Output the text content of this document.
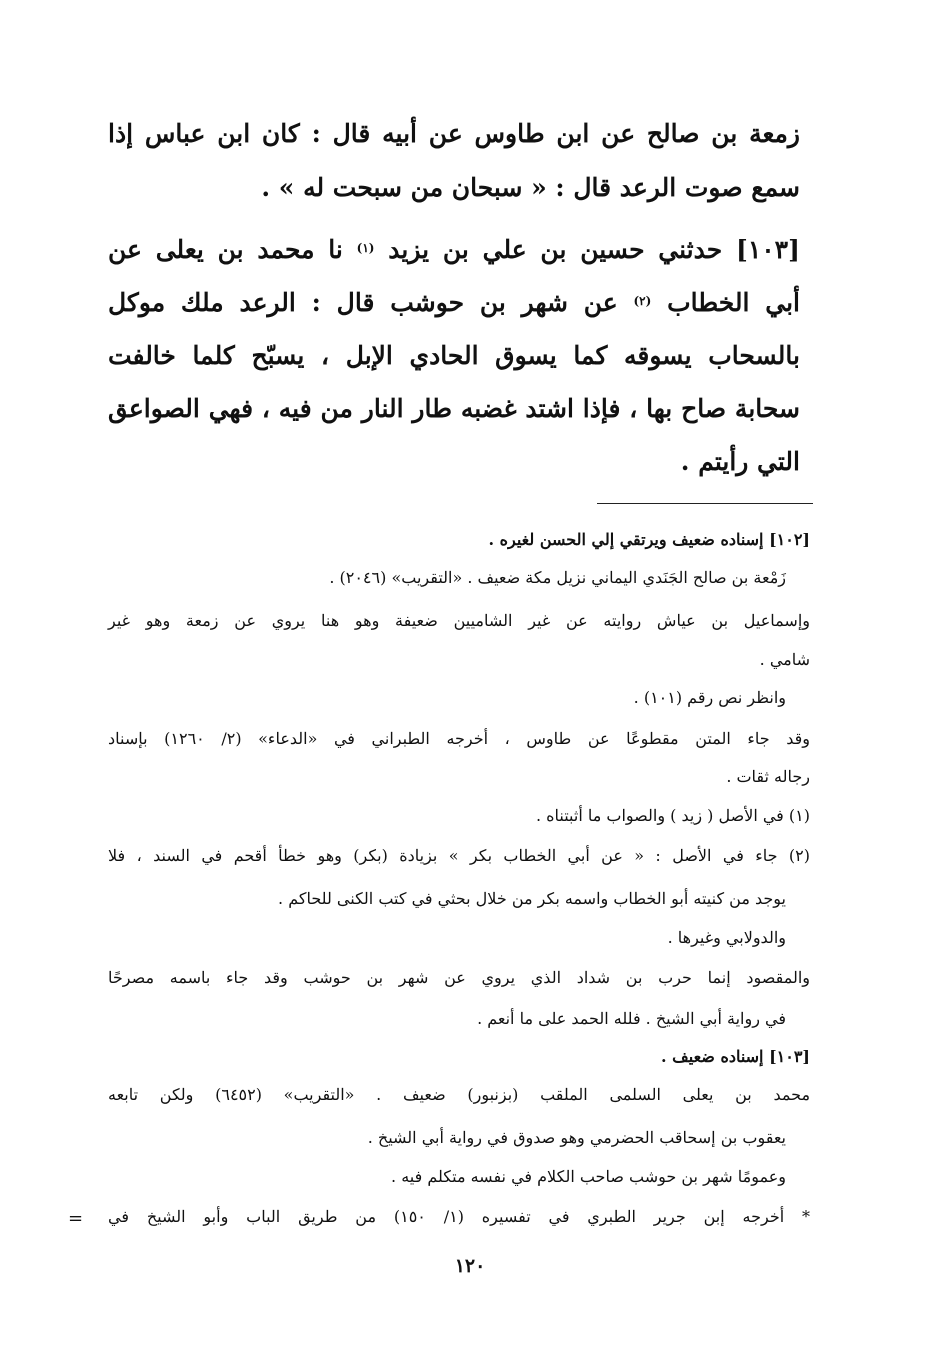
زمعة بن صالح عن ابن طاوس عن أبيه قال : كان ابن عباس إذا
سمع صوت الرعد قال : « سبحان من سبحت له » .
[١٠٣] حدثني حسين بن علي بن يزيد $^{(١)}$ نا محمد بن يعلى عن
أبي الخطاب $^{(٢)}$ عن شهر بن حوشب قال : الرعد ملك موكل
بالسحاب يسوقه كما يسوق الحادي الإبل ، يسبّح كلما خالفت
سحابة صاح بها ، فإذا اشتد غضبه طار النار من فيه ، فهي الصواعق
التي رأيتم .
[١٠٢] إسناده ضعيف ويرتقي إلي الحسن لغيره .
زَمْعة بن صالح الجَنَدي اليماني نزيل مكة ضعيف . «التقريب» (٢٠٤٦) .
وإسماعيل بن عياش روايته عن غير الشاميين ضعيفة وهو هنا يروي عن زمعة وهو غير
شامي .
وانظر نص رقم (١٠١) .
وقد جاء المتن مقطوعًا عن طاوس ، أخرجه الطبراني في «الدعاء» (٢/ ١٢٦٠) بإسناد
رجاله ثقات .
(١) في الأصل ( زيد ) والصواب ما أثبتناه .
(٢) جاء في الأصل : « عن أبي الخطاب بكر » بزيادة (بكر) وهو خطأ أقحم في السند ، فلا
يوجد من كنيته أبو الخطاب واسمه بكر من خلال بحثي في كتب الكنى للحاكم .
والدولابي وغيرها .
والمقصود إنما حرب بن شداد الذي يروي عن شهر بن حوشب وقد جاء باسمه مصرحًا
في رواية أبي الشيخ . فلله الحمد على ما أنعم .
[١٠٣] إسناده ضعيف .
محمد بن يعلى السلمى الملقب (بزنبور) ضعيف . «التقريب» (٦٤٥٢) ولكن تابعه
يعقوب بن إسحاقب الحضرمي وهو صدوق في رواية أبي الشيخ .
وعمومًا شهر بن حوشب صاحب الكلام في نفسه متكلم فيه .
* أخرجه إبن جرير الطبري في تفسيره (١/ ١٥٠) من طريق الباب وأبو الشيخ في
=
١٢٠
